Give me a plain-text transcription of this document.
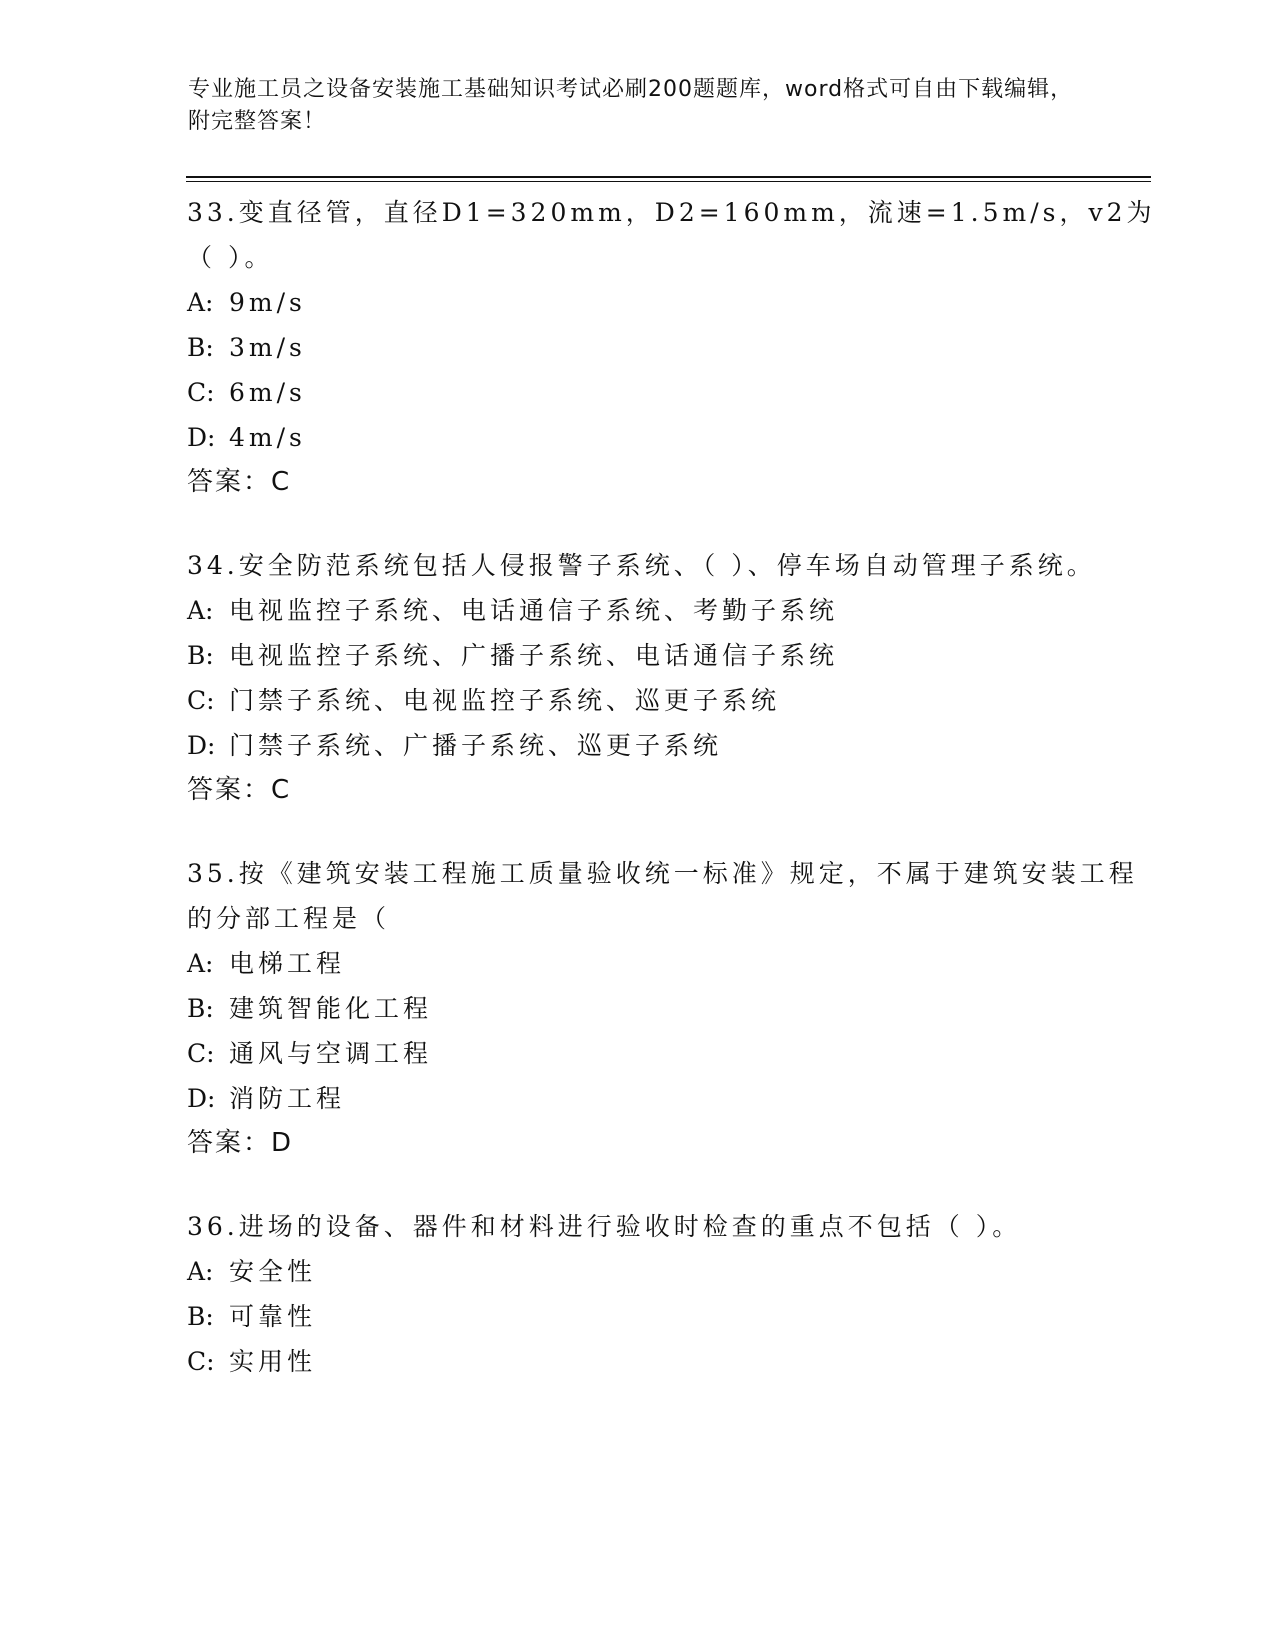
专业施工员之设备安装施工基础知识考试必刷200题题库，word格式可自由下载编辑，附完整答案！

33.变直径管，直径D1=320mm，D2=160mm，流速=1.5m/s，v2为（ ）。

A: 9m/s

B: 3m/s

C: 6m/s

D: 4m/s

答案：C

34.安全防范系统包括人侵报警子系统、（ ）、停车场自动管理子系统。

A: 电视监控子系统、电话通信子系统、考勤子系统

B: 电视监控子系统、广播子系统、电话通信子系统

C: 门禁子系统、电视监控子系统、巡更子系统

D: 门禁子系统、广播子系统、巡更子系统

答案：C

35.按《建筑安装工程施工质量验收统一标准》规定，不属于建筑安装工程的分部工程是（

A: 电梯工程

B: 建筑智能化工程

C: 通风与空调工程

D: 消防工程

答案：D

36.进场的设备、器件和材料进行验收时检查的重点不包括（ ）。

A: 安全性

B: 可靠性

C: 实用性
